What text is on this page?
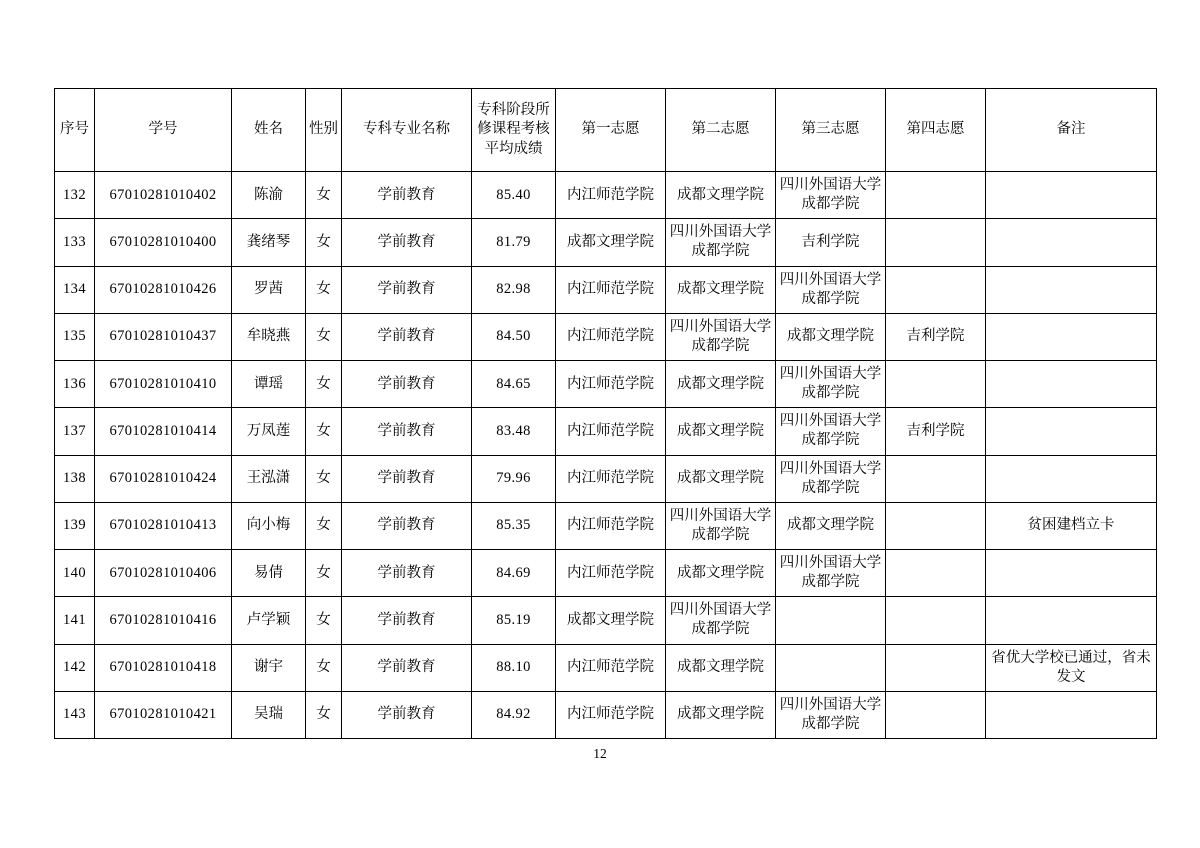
序号	学号	姓名	性别	专科专业名称	专科阶段所修课程考核平均成绩	第一志愿	第二志愿	第三志愿	第四志愿	备注
132	67010281010402	陈渝	女	学前教育	85.40	内江师范学院	成都文理学院	四川外国语大学成都学院		
133	67010281010400	龚绪琴	女	学前教育	81.79	成都文理学院	四川外国语大学成都学院	吉利学院		
134	67010281010426	罗茜	女	学前教育	82.98	内江师范学院	成都文理学院	四川外国语大学成都学院		
135	67010281010437	牟晓燕	女	学前教育	84.50	内江师范学院	四川外国语大学成都学院	成都文理学院	吉利学院	
136	67010281010410	谭瑶	女	学前教育	84.65	内江师范学院	成都文理学院	四川外国语大学成都学院		
137	67010281010414	万凤莲	女	学前教育	83.48	内江师范学院	成都文理学院	四川外国语大学成都学院	吉利学院	
138	67010281010424	王泓潇	女	学前教育	79.96	内江师范学院	成都文理学院	四川外国语大学成都学院		
139	67010281010413	向小梅	女	学前教育	85.35	内江师范学院	四川外国语大学成都学院	成都文理学院		贫困建档立卡
140	67010281010406	易倩	女	学前教育	84.69	内江师范学院	成都文理学院	四川外国语大学成都学院		
141	67010281010416	卢学颖	女	学前教育	85.19	成都文理学院	四川外国语大学成都学院			
142	67010281010418	谢宇	女	学前教育	88.10	内江师范学院	成都文理学院			省优大学校已通过，省未发文
143	67010281010421	吴瑞	女	学前教育	84.92	内江师范学院	成都文理学院	四川外国语大学成都学院		
12
